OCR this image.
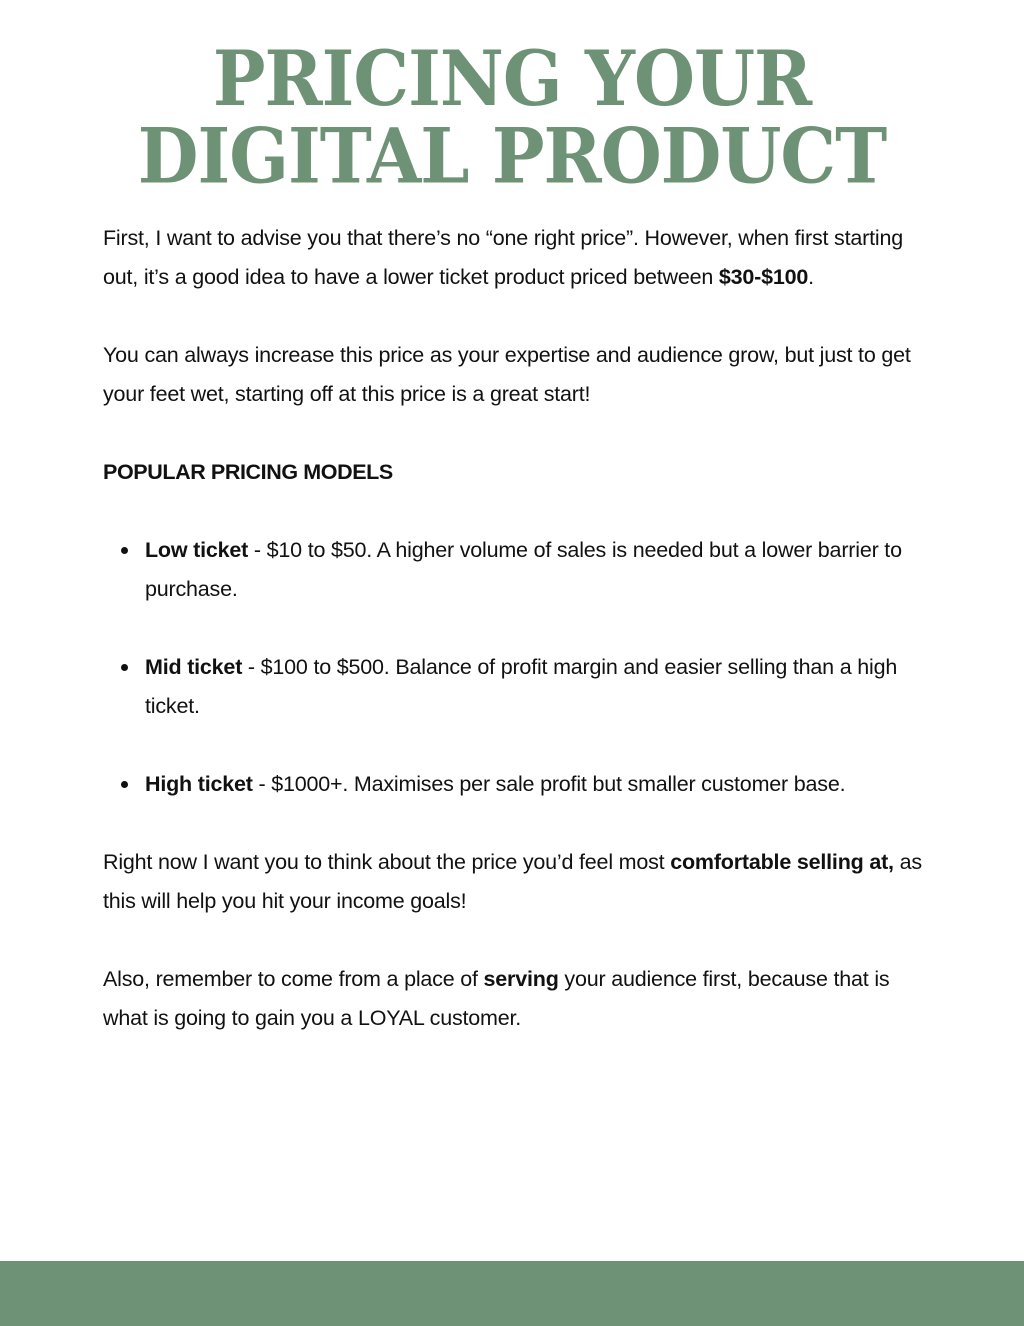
PRICING YOUR
DIGITAL PRODUCT

First, I want to advise you that there’s no “one right price”. However, when first starting out, it’s a good idea to have a lower ticket product priced between $30-$100.

You can always increase this price as your expertise and audience grow, but just to get your feet wet, starting off at this price is a great start!

POPULAR PRICING MODELS

Low ticket - $10 to $50. A higher volume of sales is needed but a lower barrier to purchase.
Mid ticket - $100 to $500. Balance of profit margin and easier selling than a high ticket.
High ticket - $1000+. Maximises per sale profit but smaller customer base.

Right now I want you to think about the price you’d feel most comfortable selling at, as this will help you hit your income goals!

Also, remember to come from a place of serving your audience first, because that is what is going to gain you a LOYAL customer.
